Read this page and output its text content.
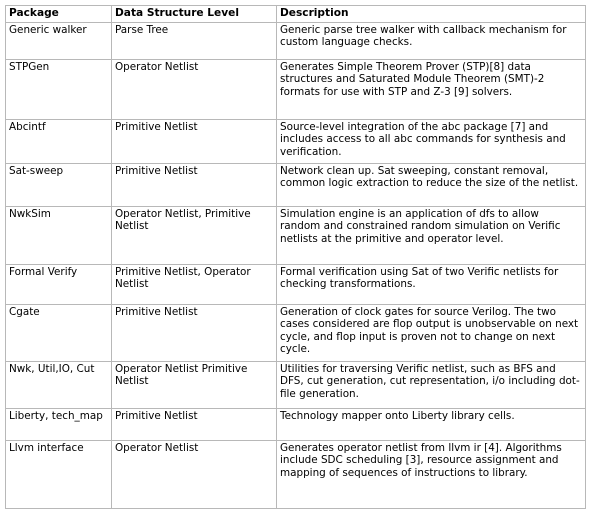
Package	Data Structure Level	Description
Generic walker	Parse Tree	Generic parse tree walker with callback mechanism for custom language checks.
STPGen	Operator Netlist	Generates Simple Theorem Prover (STP)[8] data structures and Saturated Module Theorem (SMT)-2 formats for use with STP and Z-3 [9] solvers.
Abcintf	Primitive Netlist	Source-level integration of the abc package [7] and includes access to all abc commands for synthesis and verification.
Sat-sweep	Primitive Netlist	Network clean up. Sat sweeping, constant removal, common logic extraction to reduce the size of the netlist.
NwkSim	Operator Netlist, Primitive Netlist	Simulation engine is an application of dfs to allow random and constrained random simulation on Verific netlists at the primitive and operator level.
Formal Verify	Primitive Netlist, Operator Netlist	Formal verification using Sat of two Verific netlists for checking transformations.
Cgate	Primitive Netlist	Generation of clock gates for source Verilog. The two cases considered are flop output is unobservable on next cycle, and flop input is proven not to change on next cycle.
Nwk, Util,IO, Cut	Operator Netlist Primitive Netlist	Utilities for traversing Verific netlist, such as BFS and DFS, cut generation, cut representation, i/o including dot-file generation.
Liberty, tech_map	Primitive Netlist	Technology mapper onto Liberty library cells.
Llvm interface	Operator Netlist	Generates operator netlist from llvm ir [4]. Algorithms include SDC scheduling [3], resource assignment and mapping of sequences of instructions to library.
